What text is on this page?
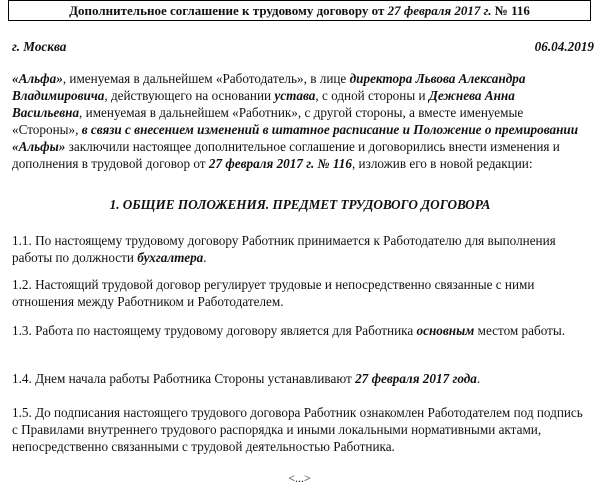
Дополнительное соглашение к трудовому договору от 27 февраля 2017 г. № 116
г. Москва	06.04.2019
«Альфа», именуемая в дальнейшем «Работодатель», в лице директора Львова Александра Владимировича, действующего на основании устава, с одной стороны и Дежнева Анна Васильевна, именуемая в дальнейшем «Работник», с другой стороны, а вместе именуемые «Стороны», в связи с внесением изменений в штатное расписание и Положение о премировании «Альфы» заключили настоящее дополнительное соглашение и договорились внести изменения и дополнения в трудовой договор от 27 февраля 2017 г. № 116, изложив его в новой редакции:
1. ОБЩИЕ ПОЛОЖЕНИЯ. ПРЕДМЕТ ТРУДОВОГО ДОГОВОРА
1.1. По настоящему трудовому договору Работник принимается к Работодателю для выполнения работы по должности бухгалтера.
1.2. Настоящий трудовой договор регулирует трудовые и непосредственно связанные с ними отношения между Работником и Работодателем.
1.3. Работа по настоящему трудовому договору является для Работника основным местом работы.
1.4. Днем начала работы Работника Стороны устанавливают 27 февраля 2017 года.
1.5. До подписания настоящего трудового договора Работник ознакомлен Работодателем под подпись с Правилами внутреннего трудового распорядка и иными локальными нормативными актами, непосредственно связанными с трудовой деятельностью Работника.
<...>
